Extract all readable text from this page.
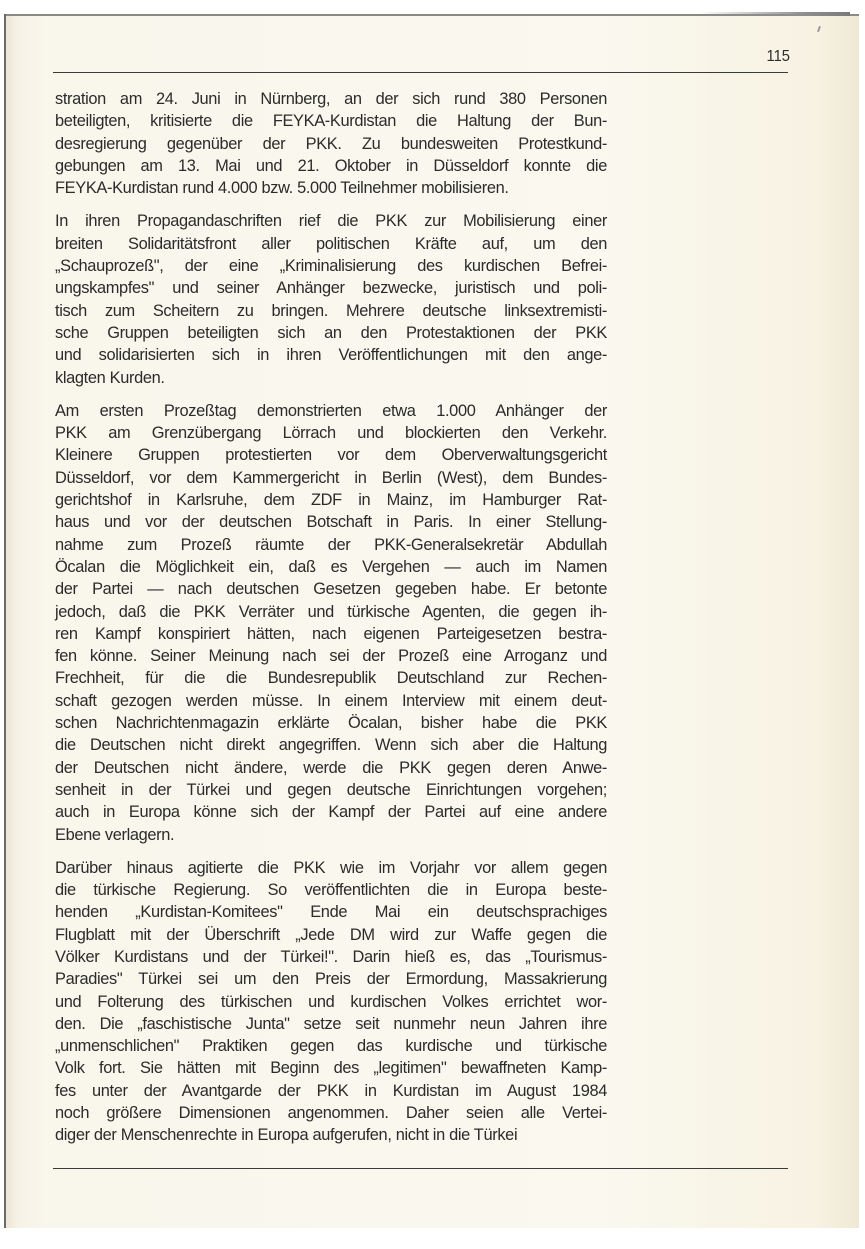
115

stration am 24. Juni in Nürnberg, an der sich rund 380 Personen
beteiligten, kritisierte die FEYKA-Kurdistan die Haltung der Bun-
desregierung gegenüber der PKK. Zu bundesweiten Protestkund-
gebungen am 13. Mai und 21. Oktober in Düsseldorf konnte die
FEYKA-Kurdistan rund 4.000 bzw. 5.000 Teilnehmer mobilisieren.

In ihren Propagandaschriften rief die PKK zur Mobilisierung einer
breiten Solidaritätsfront aller politischen Kräfte auf, um den
„Schauprozeß", der eine „Kriminalisierung des kurdischen Befrei-
ungskampfes" und seiner Anhänger bezwecke, juristisch und poli-
tisch zum Scheitern zu bringen. Mehrere deutsche linksextremisti-
sche Gruppen beteiligten sich an den Protestaktionen der PKK
und solidarisierten sich in ihren Veröffentlichungen mit den ange-
klagten Kurden.

Am ersten Prozeßtag demonstrierten etwa 1.000 Anhänger der
PKK am Grenzübergang Lörrach und blockierten den Verkehr.
Kleinere Gruppen protestierten vor dem Oberverwaltungsgericht
Düsseldorf, vor dem Kammergericht in Berlin (West), dem Bundes-
gerichtshof in Karlsruhe, dem ZDF in Mainz, im Hamburger Rat-
haus und vor der deutschen Botschaft in Paris. In einer Stellung-
nahme zum Prozeß räumte der PKK-Generalsekretär Abdullah
Öcalan die Möglichkeit ein, daß es Vergehen — auch im Namen
der Partei — nach deutschen Gesetzen gegeben habe. Er betonte
jedoch, daß die PKK Verräter und türkische Agenten, die gegen ih-
ren Kampf konspiriert hätten, nach eigenen Parteigesetzen bestra-
fen könne. Seiner Meinung nach sei der Prozeß eine Arroganz und
Frechheit, für die die Bundesrepublik Deutschland zur Rechen-
schaft gezogen werden müsse. In einem Interview mit einem deut-
schen Nachrichtenmagazin erklärte Öcalan, bisher habe die PKK
die Deutschen nicht direkt angegriffen. Wenn sich aber die Haltung
der Deutschen nicht ändere, werde die PKK gegen deren Anwe-
senheit in der Türkei und gegen deutsche Einrichtungen vorgehen;
auch in Europa könne sich der Kampf der Partei auf eine andere
Ebene verlagern.

Darüber hinaus agitierte die PKK wie im Vorjahr vor allem gegen
die türkische Regierung. So veröffentlichten die in Europa beste-
henden „Kurdistan-Komitees" Ende Mai ein deutschsprachiges
Flugblatt mit der Überschrift „Jede DM wird zur Waffe gegen die
Völker Kurdistans und der Türkei!". Darin hieß es, das „Tourismus-
Paradies" Türkei sei um den Preis der Ermordung, Massakrierung
und Folterung des türkischen und kurdischen Volkes errichtet wor-
den. Die „faschistische Junta" setze seit nunmehr neun Jahren ihre
„unmenschlichen" Praktiken gegen das kurdische und türkische
Volk fort. Sie hätten mit Beginn des „legitimen" bewaffneten Kamp-
fes unter der Avantgarde der PKK in Kurdistan im August 1984
noch größere Dimensionen angenommen. Daher seien alle Vertei-
diger der Menschenrechte in Europa aufgerufen, nicht in die Türkei
